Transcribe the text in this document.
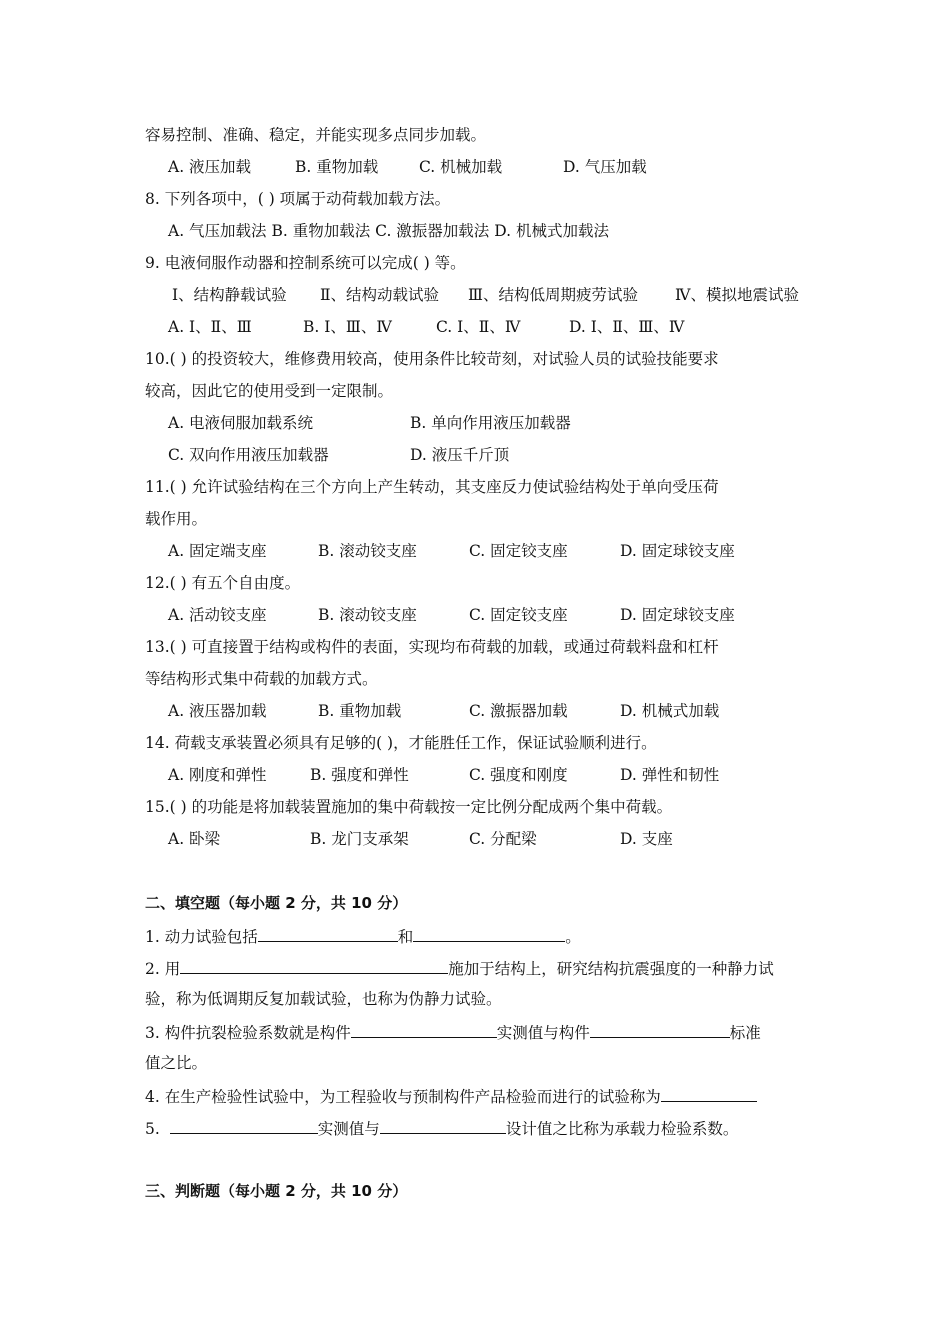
容易控制、准确、稳定，并能实现多点同步加载。
A. 液压加载	B. 重物加载	C. 机械加载	D. 气压加载
8. 下列各项中，( ) 项属于动荷载加载方法。
A. 气压加载法 B. 重物加载法 C. 激振器加载法 D. 机械式加载法
9. 电液伺服作动器和控制系统可以完成( ) 等。
Ⅰ、结构静载试验 Ⅱ、结构动载试验 Ⅲ、结构低周期疲劳试验 Ⅳ、模拟地震试验
A. Ⅰ、Ⅱ、Ⅲ	B. Ⅰ、Ⅲ、Ⅳ	C. Ⅰ、Ⅱ、Ⅳ	D. Ⅰ、Ⅱ、Ⅲ、Ⅳ
10.( ) 的投资较大，维修费用较高，使用条件比较苛刻，对试验人员的试验技能要求
较高，因此它的使用受到一定限制。
A. 电液伺服加载系统	B. 单向作用液压加载器
C. 双向作用液压加载器	D. 液压千斤顶
11.( ) 允许试验结构在三个方向上产生转动，其支座反力使试验结构处于单向受压荷
载作用。
A. 固定端支座	B. 滚动铰支座	C. 固定铰支座	D. 固定球铰支座
12.( ) 有五个自由度。
A. 活动铰支座	B. 滚动铰支座	C. 固定铰支座	D. 固定球铰支座
13.( ) 可直接置于结构或构件的表面，实现均布荷载的加载，或通过荷载料盘和杠杆
等结构形式集中荷载的加载方式。
A. 液压器加载	B. 重物加载	C. 激振器加载	D. 机械式加载
14. 荷载支承装置必须具有足够的( )，才能胜任工作，保证试验顺利进行。
A. 刚度和弹性	B. 强度和弹性	C. 强度和刚度	D. 弹性和韧性
15.( ) 的功能是将加载装置施加的集中荷载按一定比例分配成两个集中荷载。
A. 卧梁	B. 龙门支承架	C. 分配梁	D. 支座
二、填空题（每小题 2 分，共 10 分）
1. 动力试验包括	和	。
2. 用	施加于结构上，研究结构抗震强度的一种静力试
验，称为低调期反复加载试验，也称为伪静力试验。
3. 构件抗裂检验系数就是构件	实测值与构件	标准
值之比。
4. 在生产检验性试验中，为工程验收与预制构件产品检验而进行的试验称为
5.	实测值与	设计值之比称为承载力检验系数。
三、判断题（每小题 2 分，共 10 分）
